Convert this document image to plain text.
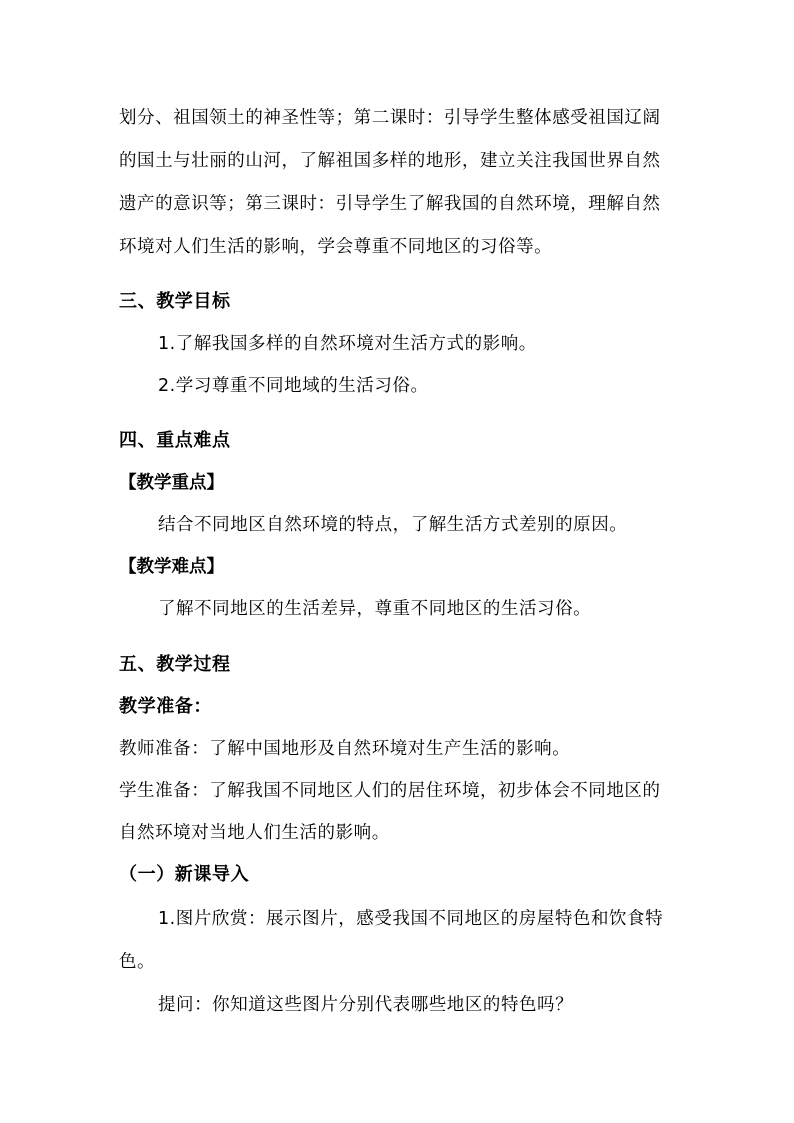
划分、祖国领土的神圣性等；第二课时：引导学生整体感受祖国辽阔
的国土与壮丽的山河，了解祖国多样的地形，建立关注我国世界自然
遗产的意识等；第三课时：引导学生了解我国的自然环境，理解自然
环境对人们生活的影响，学会尊重不同地区的习俗等。
三、教学目标
1.了解我国多样的自然环境对生活方式的影响。
2.学习尊重不同地域的生活习俗。
四、重点难点
【教学重点】
结合不同地区自然环境的特点，了解生活方式差别的原因。
【教学难点】
了解不同地区的生活差异，尊重不同地区的生活习俗。
五、教学过程
教学准备：
教师准备：了解中国地形及自然环境对生产生活的影响。
学生准备：了解我国不同地区人们的居住环境，初步体会不同地区的
自然环境对当地人们生活的影响。
（一）新课导入
1.图片欣赏：展示图片，感受我国不同地区的房屋特色和饮食特
色。
提问：你知道这些图片分别代表哪些地区的特色吗？
